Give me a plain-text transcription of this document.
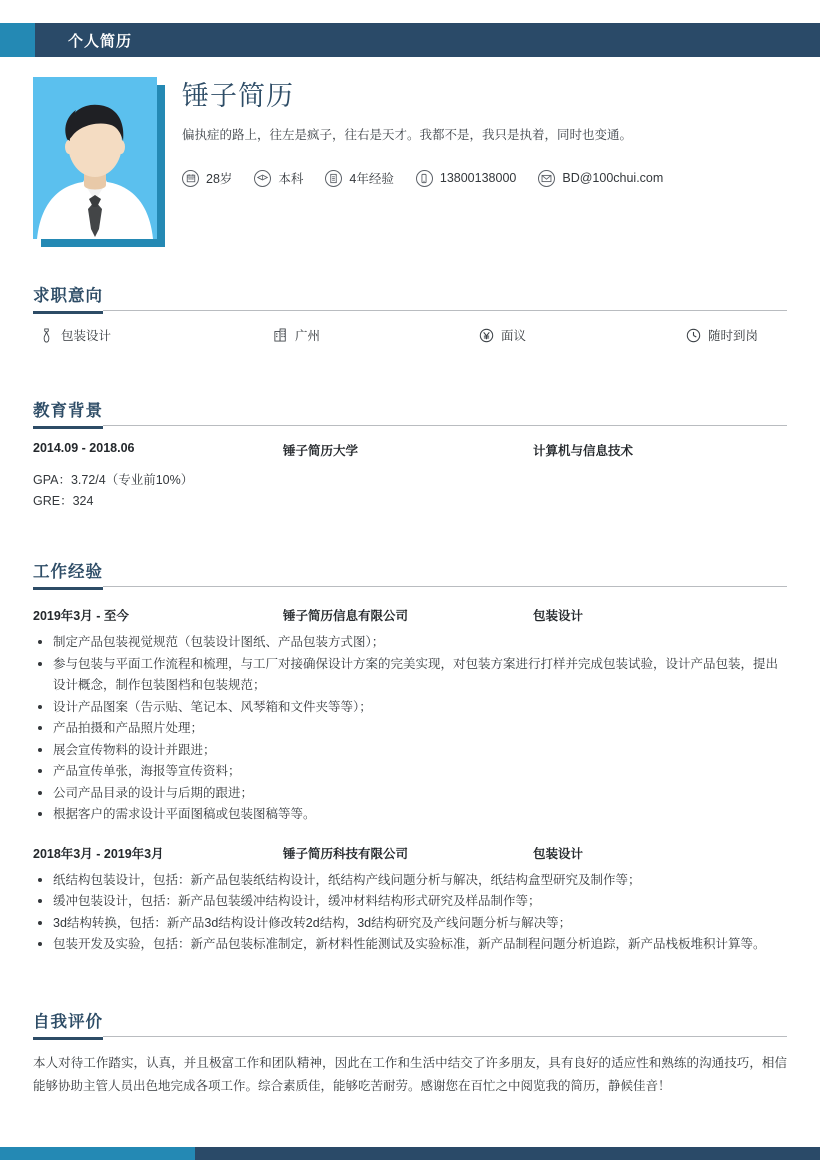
个人简历
锤子简历

偏执症的路上，往左是疯子，往右是天才。我都不是，我只是执着，同时也变通。

28岁	本科	4年经验	13800138000	BD@100chui.com
求职意向
包装设计	广州	面议	随时到岗
教育背景
2014.09 - 2018.06	锤子简历大学	计算机与信息技术
GPA：3.72/4（专业前10%）
GRE：324
工作经验
2019年3月 - 至今	锤子简历信息有限公司	包装设计
制定产品包装视觉规范（包装设计图纸、产品包装方式图）；
参与包装与平面工作流程和梳理，与工厂对接确保设计方案的完美实现，对包装方案进行打样并完成包装试验，设计产品包装，提出设计概念，制作包装图档和包装规范；
设计产品图案（告示贴、笔记本、风琴箱和文件夹等等）；
产品拍摄和产品照片处理；
展会宣传物料的设计并跟进；
产品宣传单张，海报等宣传资料；
公司产品目录的设计与后期的跟进；
根据客户的需求设计平面图稿或包装图稿等等。
2018年3月 - 2019年3月	锤子简历科技有限公司	包装设计
纸结构包装设计，包括：新产品包装纸结构设计，纸结构产线问题分析与解决，纸结构盒型研究及制作等；
缓冲包装设计，包括：新产品包装缓冲结构设计，缓冲材料结构形式研究及样品制作等；
3d结构转换，包括：新产品3d结构设计修改转2d结构，3d结构研究及产线问题分析与解决等；
包装开发及实验，包括：新产品包装标准制定，新材料性能测试及实验标准，新产品制程问题分析追踪，新产品栈板堆积计算等。
自我评价

本人对待工作踏实，认真，并且极富工作和团队精神，因此在工作和生活中结交了许多朋友，具有良好的适应性和熟练的沟通技巧，相信能够协助主管人员出色地完成各项工作。综合素质佳，能够吃苦耐劳。感谢您在百忙之中阅览我的简历，静候佳音！
